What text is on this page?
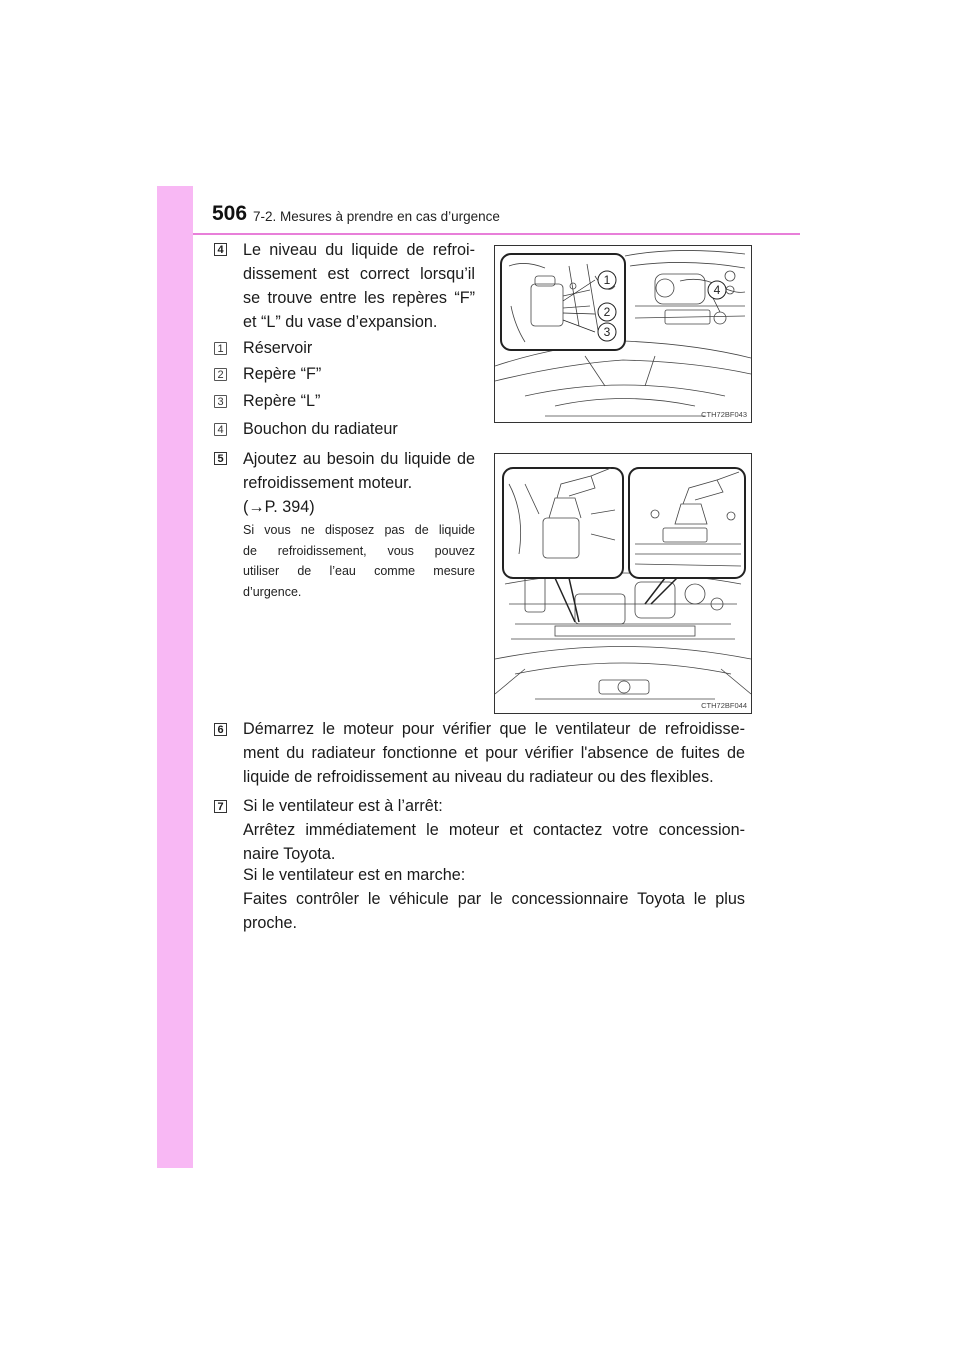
506 7-2. Mesures à prendre en cas d’urgence
4 Le niveau du liquide de refroi-
dissement est correct lorsqu’il
se trouve entre les repères “F”
et “L” du vase d’expansion.
1 Réservoir
2 Repère “F”
3 Repère “L”
4 Bouchon du radiateur
1
2
3
4
CTH72BF043
5 Ajoutez au besoin du liquide de
refroidissement moteur.
(→P. 394)
Si vous ne disposez pas de liquide
de refroidissement, vous pouvez
utiliser de l’eau comme mesure
d’urgence.
CTH72BF044
6 Démarrez le moteur pour vérifier que le ventilateur de refroidisse-
ment du radiateur fonctionne et pour vérifier l'absence de fuites de
liquide de refroidissement au niveau du radiateur ou des flexibles.
7 Si le ventilateur est à l’arrêt:
Arrêtez immédiatement le moteur et contactez votre concession-
naire Toyota.
Si le ventilateur est en marche:
Faites contrôler le véhicule par le concessionnaire Toyota le plus
proche.
